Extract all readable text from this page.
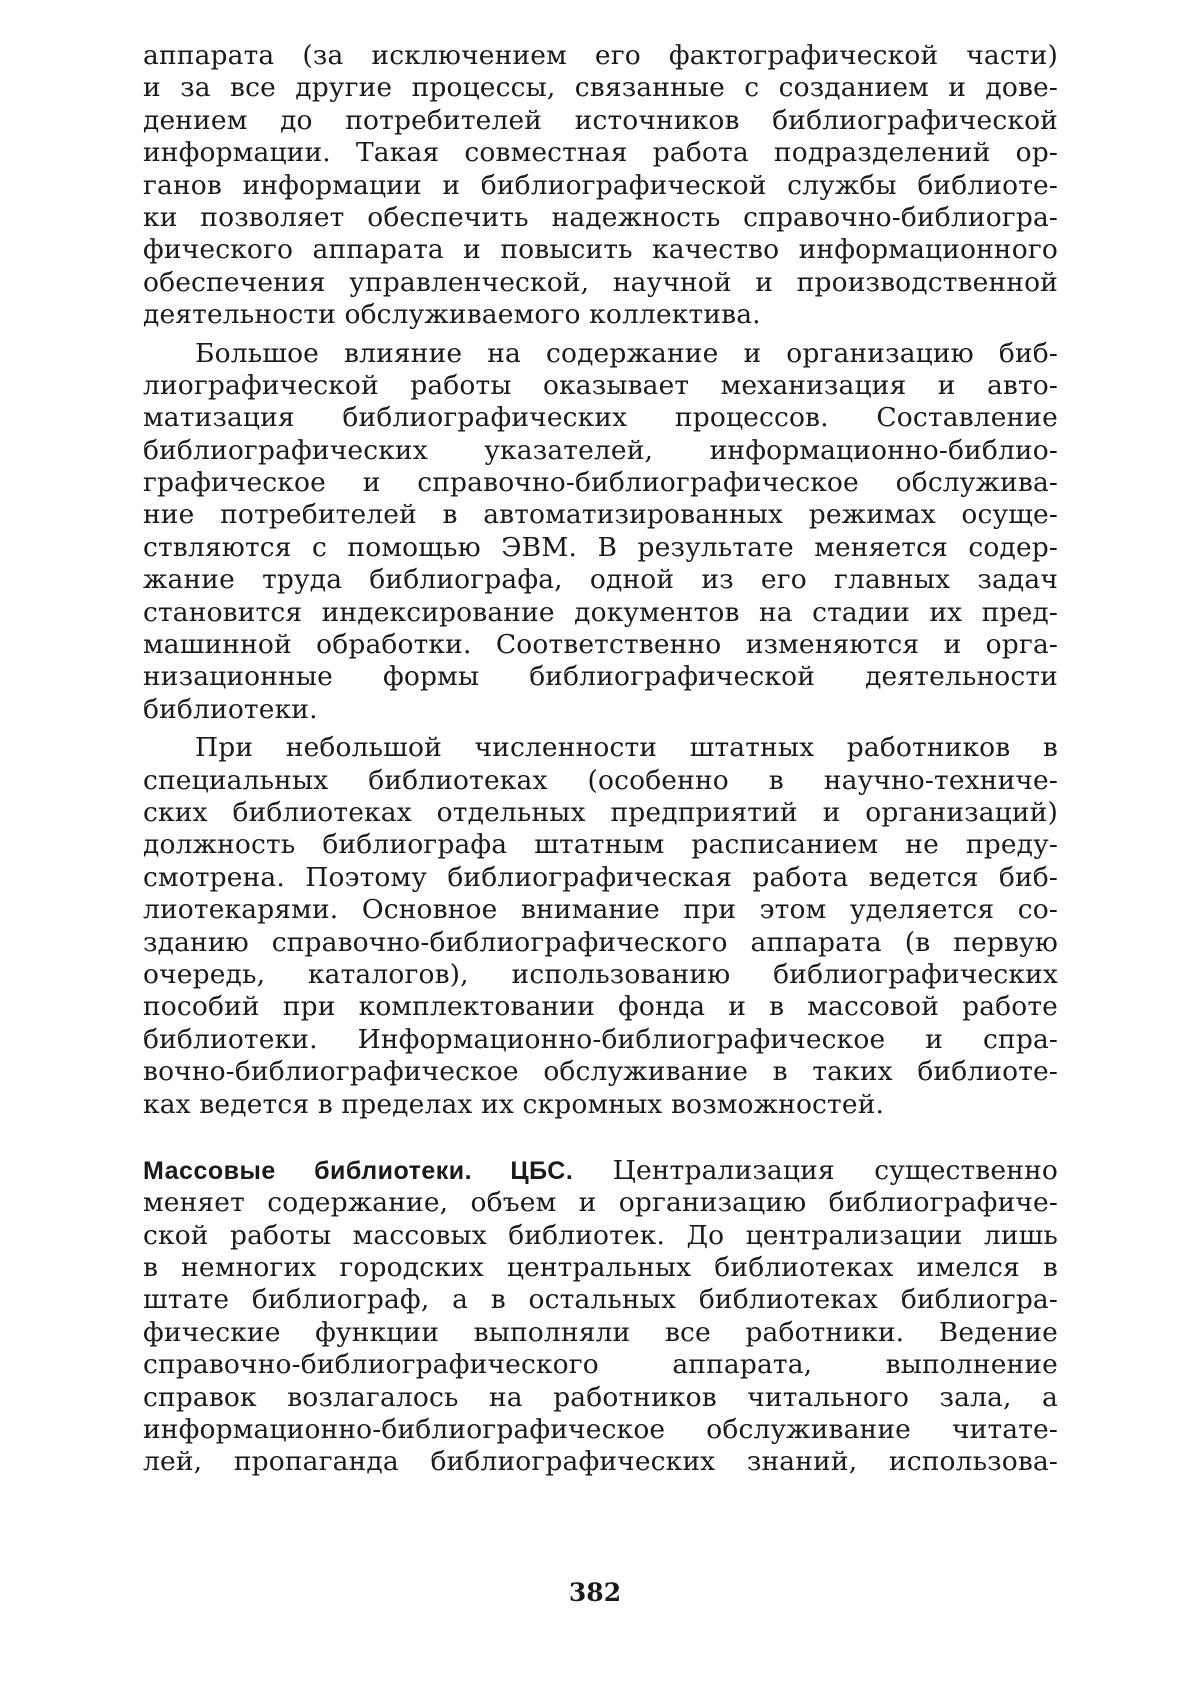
аппарата (за исключением его фактографической части)
и за все другие процессы, связанные с созданием и дове-
дением до потребителей источников библиографической
информации. Такая совместная работа подразделений ор-
ганов информации и библиографической службы библиоте-
ки позволяет обеспечить надежность справочно-библиогра-
фического аппарата и повысить качество информационного
обеспечения управленческой, научной и производственной
деятельности обслуживаемого коллектива.
Большое влияние на содержание и организацию биб-
лиографической работы оказывает механизация и авто-
матизация библиографических процессов. Составление
библиографических указателей, информационно-библио-
графическое и справочно-библиографическое обслужива-
ние потребителей в автоматизированных режимах осуще-
ствляются с помощью ЭВМ. В результате меняется содер-
жание труда библиографа, одной из его главных задач
становится индексирование документов на стадии их пред-
машинной обработки. Соответственно изменяются и орга-
низационные формы библиографической деятельности
библиотеки.
При небольшой численности штатных работников в
специальных библиотеках (особенно в научно-техниче-
ских библиотеках отдельных предприятий и организаций)
должность библиографа штатным расписанием не преду-
смотрена. Поэтому библиографическая работа ведется биб-
лиотекарями. Основное внимание при этом уделяется со-
зданию справочно-библиографического аппарата (в первую
очередь, каталогов), использованию библиографических
пособий при комплектовании фонда и в массовой работе
библиотеки. Информационно-библиографическое и спра-
вочно-библиографическое обслуживание в таких библиоте-
ках ведется в пределах их скромных возможностей.
Массовые библиотеки. ЦБС. Централизация существенно
меняет содержание, объем и организацию библиографиче-
ской работы массовых библиотек. До централизации лишь
в немногих городских центральных библиотеках имелся в
штате библиограф, а в остальных библиотеках библиогра-
фические функции выполняли все работники. Ведение
справочно-библиографического аппарата, выполнение
справок возлагалось на работников читального зала, а
информационно-библиографическое обслуживание читате-
лей, пропаганда библиографических знаний, использова-
382
